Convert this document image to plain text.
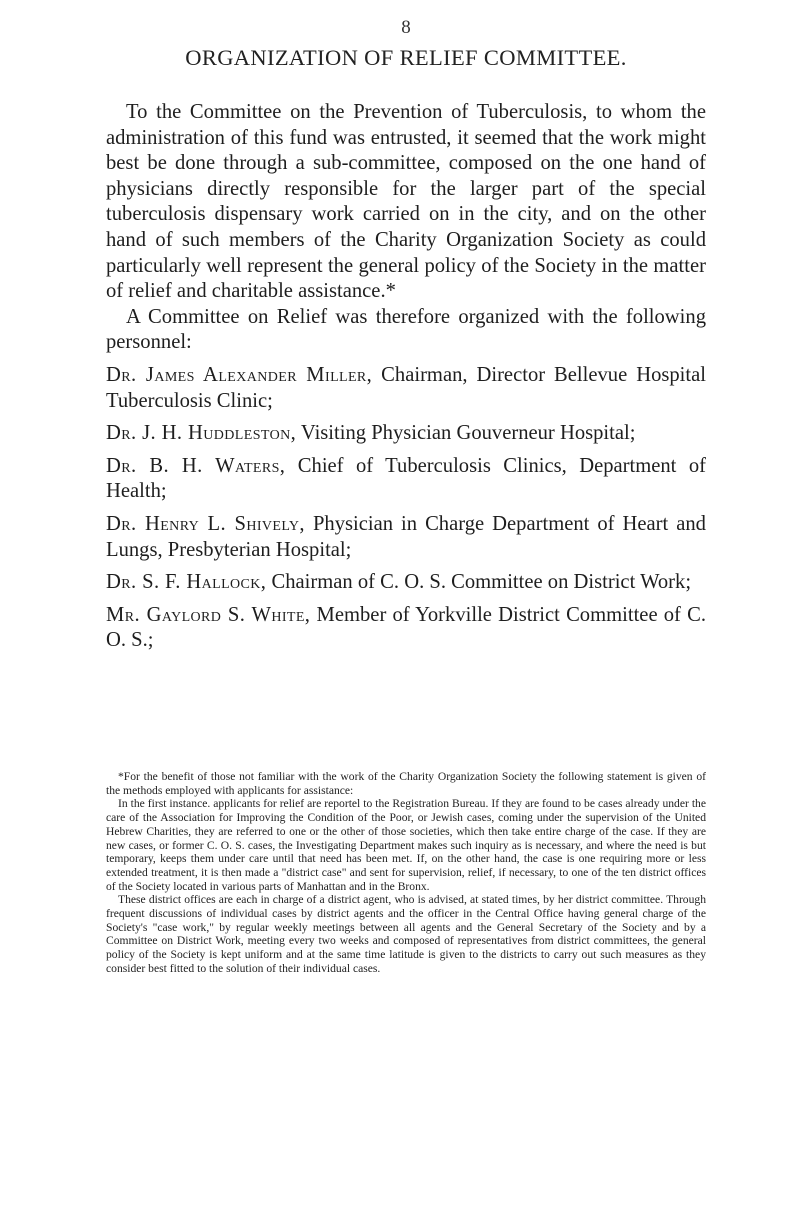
8
ORGANIZATION OF RELIEF COMMITTEE.

To the Committee on the Prevention of Tuberculosis, to whom the administration of this fund was entrusted, it seemed that the work might best be done through a sub-committee, composed on the one hand of physicians directly responsible for the larger part of the special tuberculosis dispensary work carried on in the city, and on the other hand of such members of the Charity Organization Society as could particularly well represent the general policy of the Society in the matter of relief and charitable assistance.*

A Committee on Relief was therefore organized with the following personnel:

Dr. James Alexander Miller, Chairman, Director Bellevue Hospital Tuberculosis Clinic;
Dr. J. H. Huddleston, Visiting Physician Gouverneur Hospital;
Dr. B. H. Waters, Chief of Tuberculosis Clinics, Department of Health;
Dr. Henry L. Shively, Physician in Charge Department of Heart and Lungs, Presbyterian Hospital;
Dr. S. F. Hallock, Chairman of C. O. S. Committee on District Work;
Mr. Gaylord S. White, Member of Yorkville District Committee of C. O. S.;

*For the benefit of those not familiar with the work of the Charity Organization Society the following statement is given of the methods employed with applicants for assistance:

In the first instance. applicants for relief are reportel to the Registration Bureau. If they are found to be cases already under the care of the Association for Improving the Condition of the Poor, or Jewish cases, coming under the supervision of the United Hebrew Charities, they are referred to one or the other of those societies, which then take entire charge of the case. If they are new cases, or former C. O. S. cases, the Investigating Department makes such inquiry as is necessary, and where the need is but temporary, keeps them under care until that need has been met. If, on the other hand, the case is one requiring more or less extended treatment, it is then made a "district case" and sent for supervision, relief, if necessary, to one of the ten district offices of the Society located in various parts of Manhattan and in the Bronx.

These district offices are each in charge of a district agent, who is advised, at stated times, by her district committee. Through frequent discussions of individual cases by district agents and the officer in the Central Office having general charge of the Society's "case work," by regular weekly meetings between all agents and the General Secretary of the Society and by a Committee on District Work, meeting every two weeks and composed of representatives from district committees, the general policy of the Society is kept uniform and at the same time latitude is given to the districts to carry out such measures as they consider best fitted to the solution of their individual cases.
